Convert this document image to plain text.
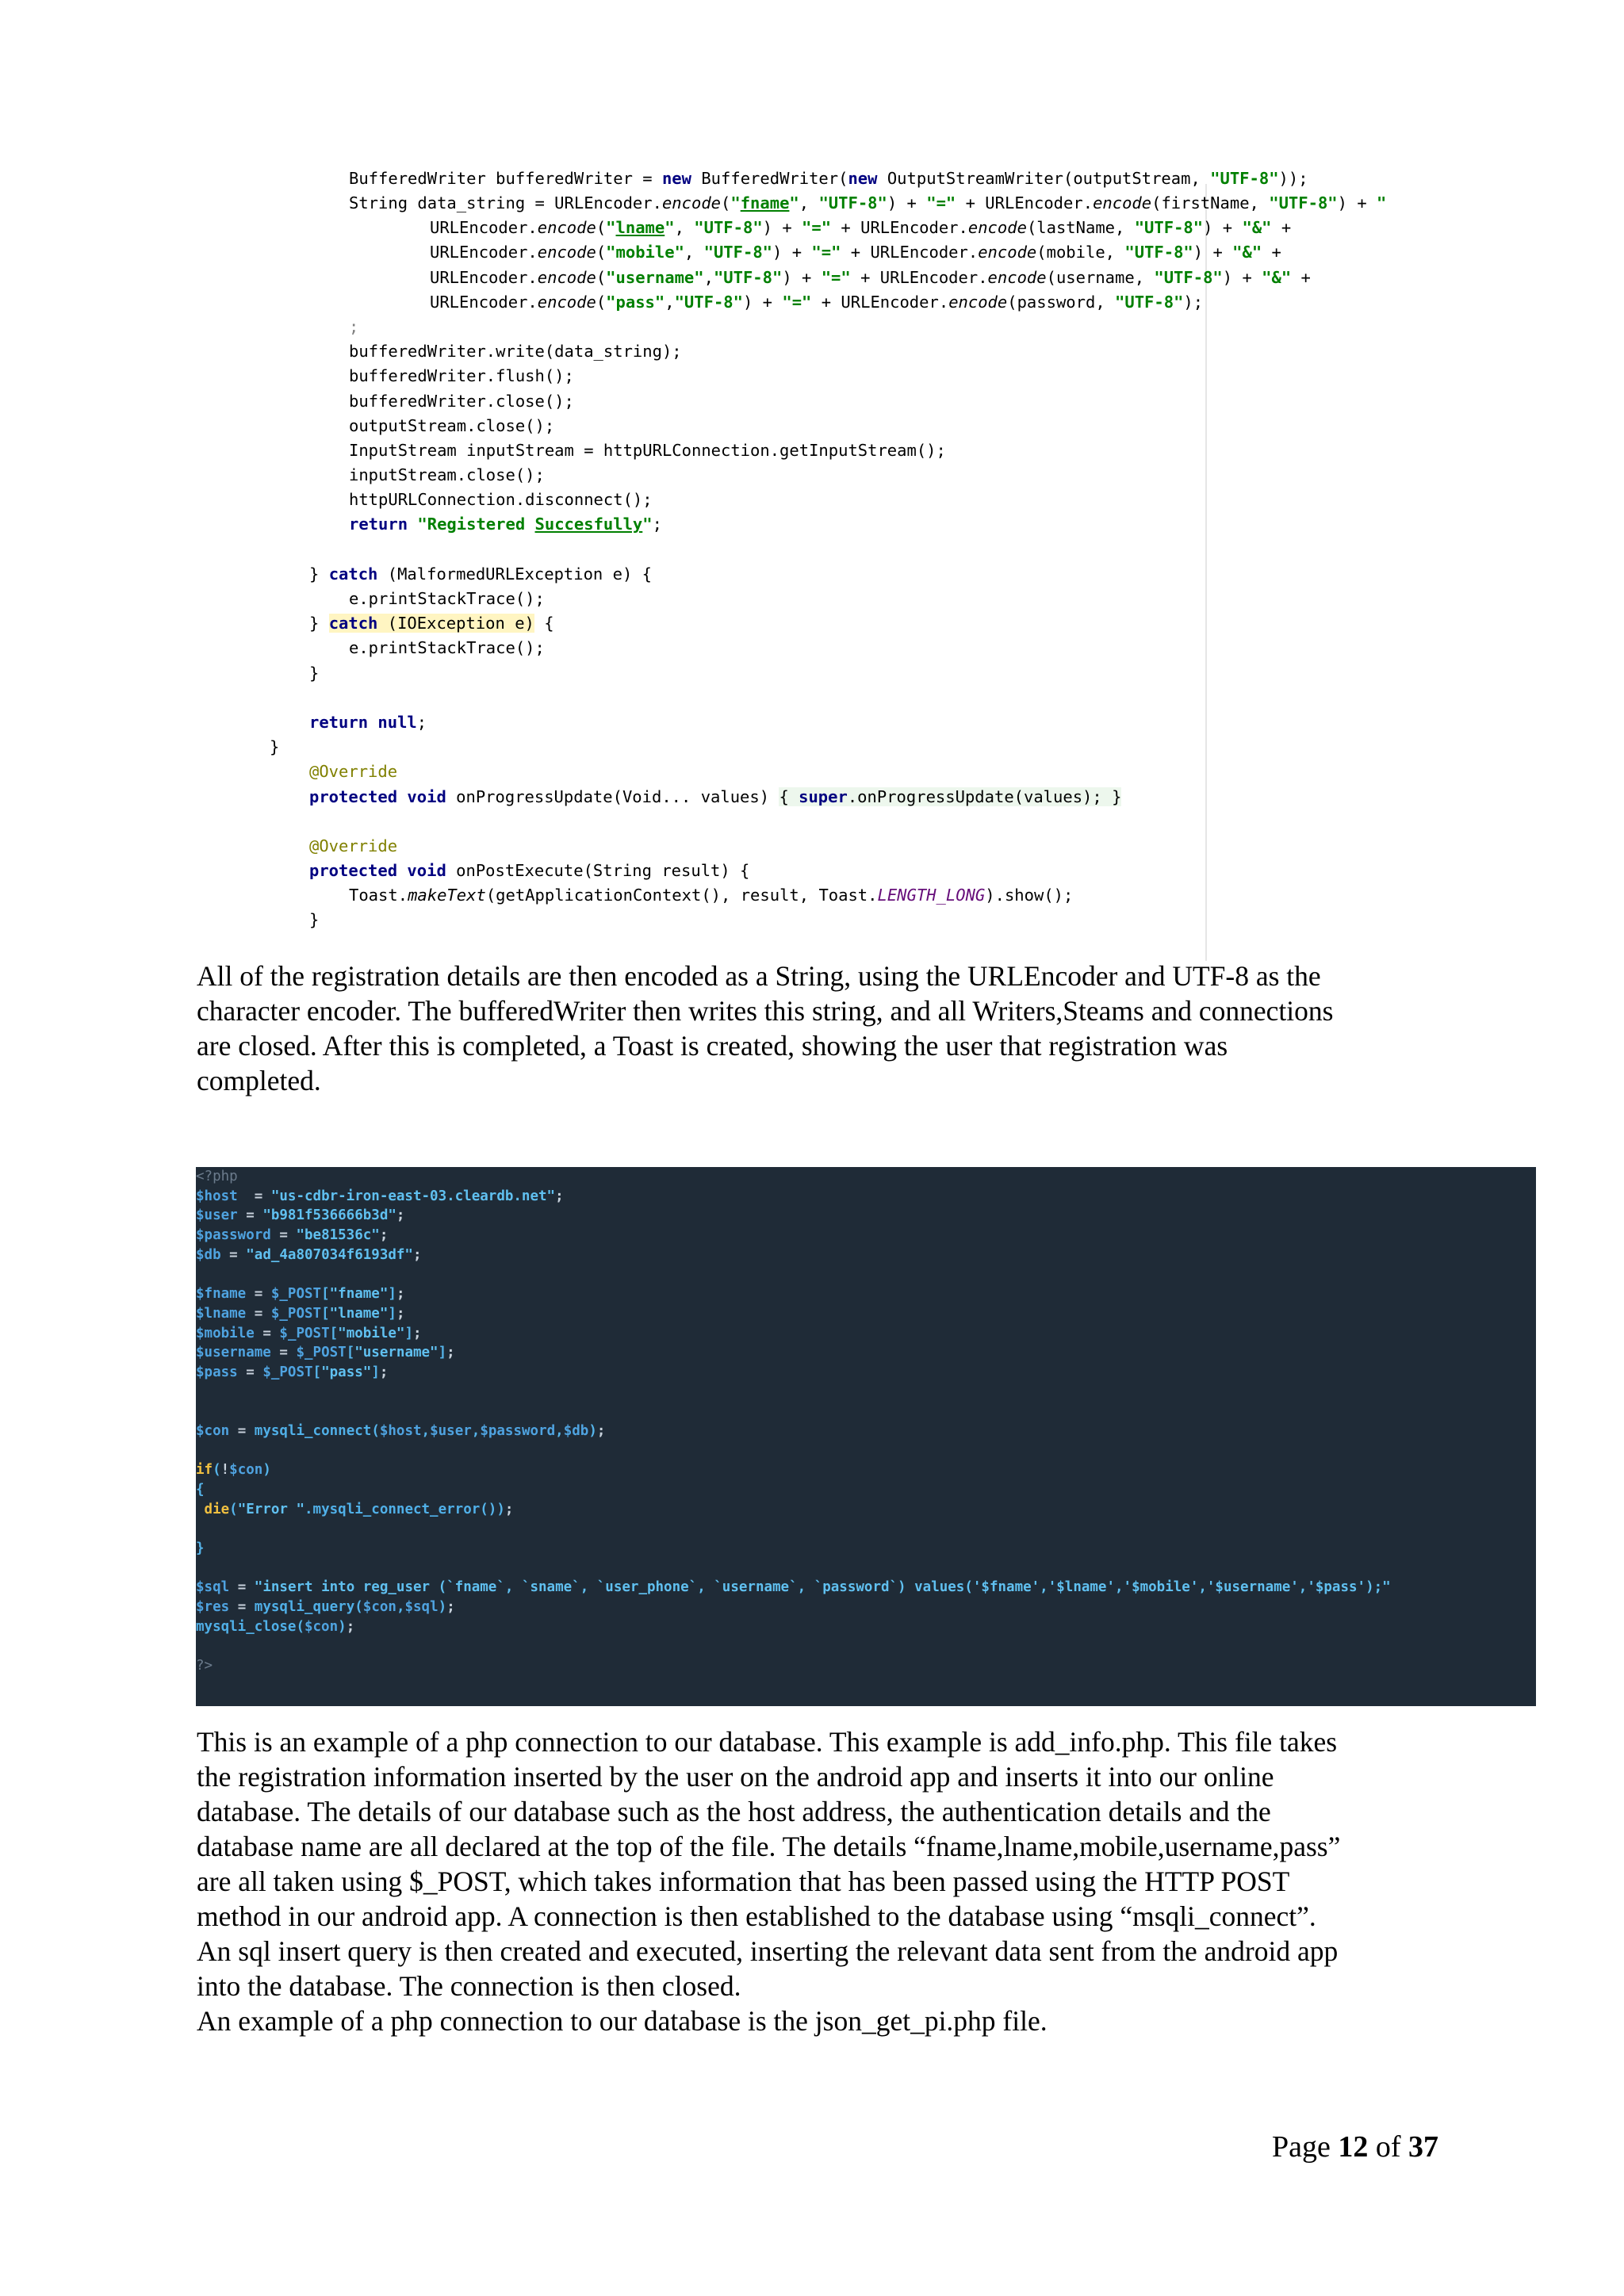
BufferedWriter bufferedWriter = new BufferedWriter(new OutputStreamWriter(outputStream, "UTF-8"));
String data_string = URLEncoder.encode("fname", "UTF-8") + "=" + URLEncoder.encode(firstName, "UTF-8") + "
URLEncoder.encode("lname", "UTF-8") + "=" + URLEncoder.encode(lastName, "UTF-8") + "&" +
URLEncoder.encode("mobile", "UTF-8") + "=" + URLEncoder.encode(mobile, "UTF-8") + "&" +
URLEncoder.encode("username","UTF-8") + "=" + URLEncoder.encode(username, "UTF-8") + "&" +
URLEncoder.encode("pass","UTF-8") + "=" + URLEncoder.encode(password, "UTF-8");
;
bufferedWriter.write(data_string);
bufferedWriter.flush();
bufferedWriter.close();
outputStream.close();
InputStream inputStream = httpURLConnection.getInputStream();
inputStream.close();
httpURLConnection.disconnect();
return "Registered Succesfully";
} catch (MalformedURLException e) {
e.printStackTrace();
} catch (IOException e) {
e.printStackTrace();
}
return null;
}
@Override
protected void onProgressUpdate(Void... values) { super.onProgressUpdate(values); }
@Override
protected void onPostExecute(String result) {
Toast.makeText(getApplicationContext(), result, Toast.LENGTH_LONG).show();
}

All of the registration details are then encoded as a String, using the URLEncoder and UTF-8 as the
character encoder. The bufferedWriter then writes this string, and all Writers,Steams and connections
are closed. After this is completed, a Toast is created, showing the user that registration was
completed.

<?php
$host = "us-cdbr-iron-east-03.cleardb.net";
$user = "b981f536666b3d";
$password = "be81536c";
$db = "ad_4a807034f6193df";
$fname = $_POST["fname"];
$lname = $_POST["lname"];
$mobile = $_POST["mobile"];
$username = $_POST["username"];
$pass = $_POST["pass"];
$con = mysqli_connect($host,$user,$password,$db);
if(!$con)
{
die("Error ".mysqli_connect_error());
}
$sql = "insert into reg_user (`fname`, `sname`, `user_phone`, `username`, `password`) values('$fname','$lname','$mobile','$username','$pass');"
$res = mysqli_query($con,$sql);
mysqli_close($con);
?>

This is an example of a php connection to our database. This example is add_info.php. This file takes
the registration information inserted by the user on the android app and inserts it into our online
database. The details of our database such as the host address, the authentication details and the
database name are all declared at the top of the file. The details “fname,lname,mobile,username,pass”
are all taken using $_POST, which takes information that has been passed using the HTTP POST
method in our android app. A connection is then established to the database using “msqli_connect”.
An sql insert query is then created and executed, inserting the relevant data sent from the android app
into the database. The connection is then closed.
An example of a php connection to our database is the json_get_pi.php file.

Page 12 of 37
